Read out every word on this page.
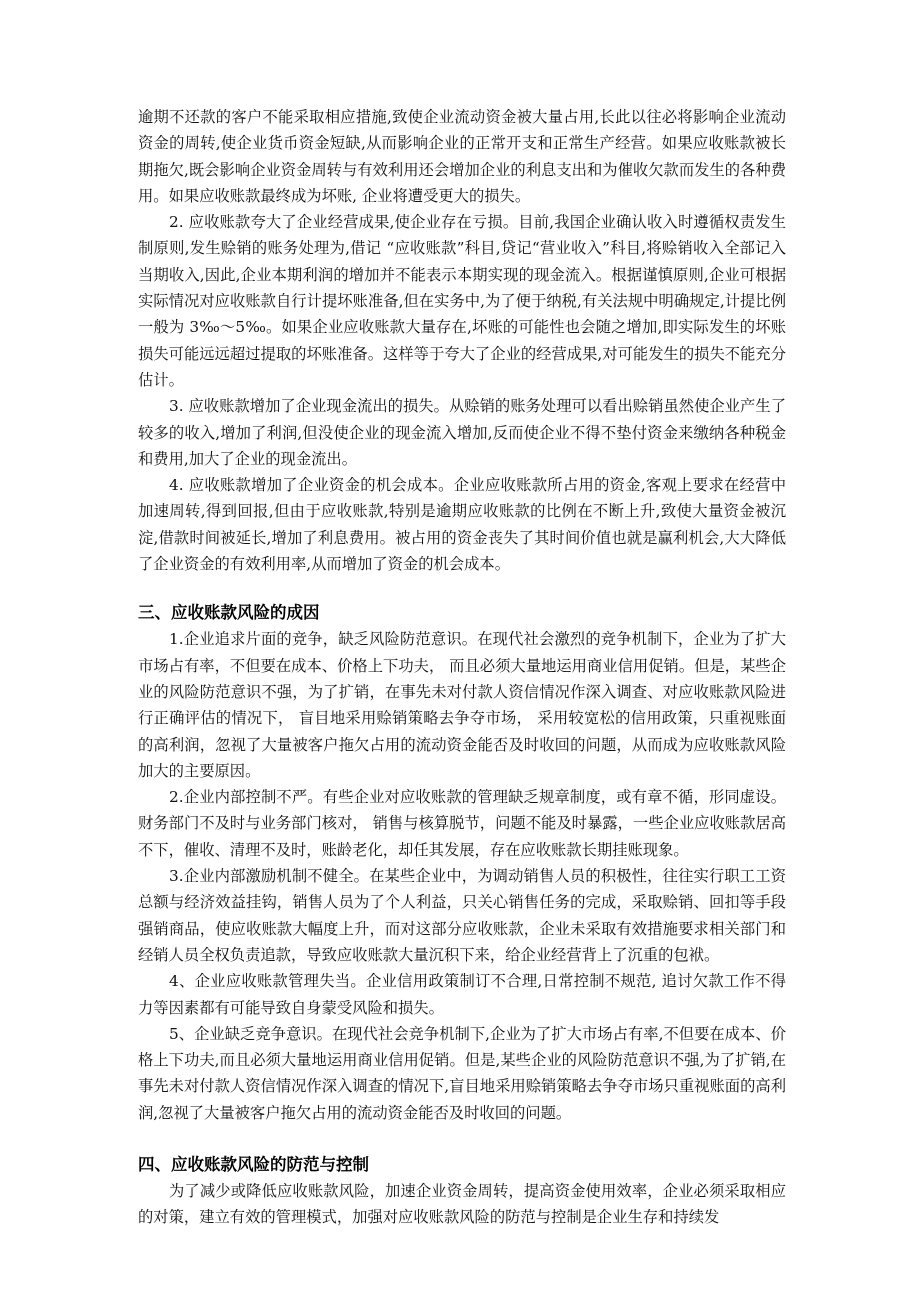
逾期不还款的客户不能采取相应措施,致使企业流动资金被大量占用,长此以往必将影响企业流动资金的周转,使企业货币资金短缺,从而影响企业的正常开支和正常生产经营。如果应收账款被长期拖欠,既会影响企业资金周转与有效利用还会增加企业的利息支出和为催收欠款而发生的各种费用。如果应收账款最终成为坏账, 企业将遭受更大的损失。

2. 应收账款夸大了企业经营成果,使企业存在亏损。目前,我国企业确认收入时遵循权责发生制原则,发生赊销的账务处理为,借记 “应收账款”科目,贷记“营业收入”科目,将赊销收入全部记入当期收入,因此,企业本期利润的增加并不能表示本期实现的现金流入。根据谨慎原则,企业可根据实际情况对应收账款自行计提坏账准备,但在实务中,为了便于纳税,有关法规中明确规定,计提比例一般为 3‰～5‰。如果企业应收账款大量存在,坏账的可能性也会随之增加,即实际发生的坏账损失可能远远超过提取的坏账准备。这样等于夸大了企业的经营成果,对可能发生的损失不能充分估计。

3. 应收账款增加了企业现金流出的损失。从赊销的账务处理可以看出赊销虽然使企业产生了较多的收入,增加了利润,但没使企业的现金流入增加,反而使企业不得不垫付资金来缴纳各种税金和费用,加大了企业的现金流出。

4. 应收账款增加了企业资金的机会成本。企业应收账款所占用的资金,客观上要求在经营中加速周转,得到回报,但由于应收账款,特别是逾期应收账款的比例在不断上升,致使大量资金被沉淀,借款时间被延长,增加了利息费用。被占用的资金丧失了其时间价值也就是赢利机会,大大降低了企业资金的有效利用率,从而增加了资金的机会成本。

三、应收账款风险的成因

1.企业追求片面的竞争，缺乏风险防范意识。在现代社会激烈的竞争机制下，企业为了扩大市场占有率，不但要在成本、价格上下功夫， 而且必须大量地运用商业信用促销。但是，某些企业的风险防范意识不强，为了扩销，在事先未对付款人资信情况作深入调查、对应收账款风险进行正确评估的情况下， 盲目地采用赊销策略去争夺市场， 采用较宽松的信用政策，只重视账面的高利润，忽视了大量被客户拖欠占用的流动资金能否及时收回的问题，从而成为应收账款风险加大的主要原因。

2.企业内部控制不严。有些企业对应收账款的管理缺乏规章制度，或有章不循，形同虚设。财务部门不及时与业务部门核对， 销售与核算脱节，问题不能及时暴露，一些企业应收账款居高不下，催收、清理不及时，账龄老化，却任其发展，存在应收账款长期挂账现象。

3.企业内部激励机制不健全。在某些企业中，为调动销售人员的积极性，往往实行职工工资总额与经济效益挂钩，销售人员为了个人利益，只关心销售任务的完成，采取赊销、回扣等手段强销商品，使应收账款大幅度上升，而对这部分应收账款，企业未采取有效措施要求相关部门和经销人员全权负责追款，导致应收账款大量沉积下来，给企业经营背上了沉重的包袱。

4、企业应收账款管理失当。企业信用政策制订不合理,日常控制不规范, 追讨欠款工作不得力等因素都有可能导致自身蒙受风险和损失。

5、企业缺乏竞争意识。在现代社会竞争机制下,企业为了扩大市场占有率,不但要在成本、价格上下功夫,而且必须大量地运用商业信用促销。但是,某些企业的风险防范意识不强,为了扩销,在事先未对付款人资信情况作深入调查的情况下,盲目地采用赊销策略去争夺市场只重视账面的高利润,忽视了大量被客户拖欠占用的流动资金能否及时收回的问题。

四、应收账款风险的防范与控制

为了减少或降低应收账款风险，加速企业资金周转，提高资金使用效率，企业必须采取相应的对策，建立有效的管理模式，加强对应收账款风险的防范与控制是企业生存和持续发
